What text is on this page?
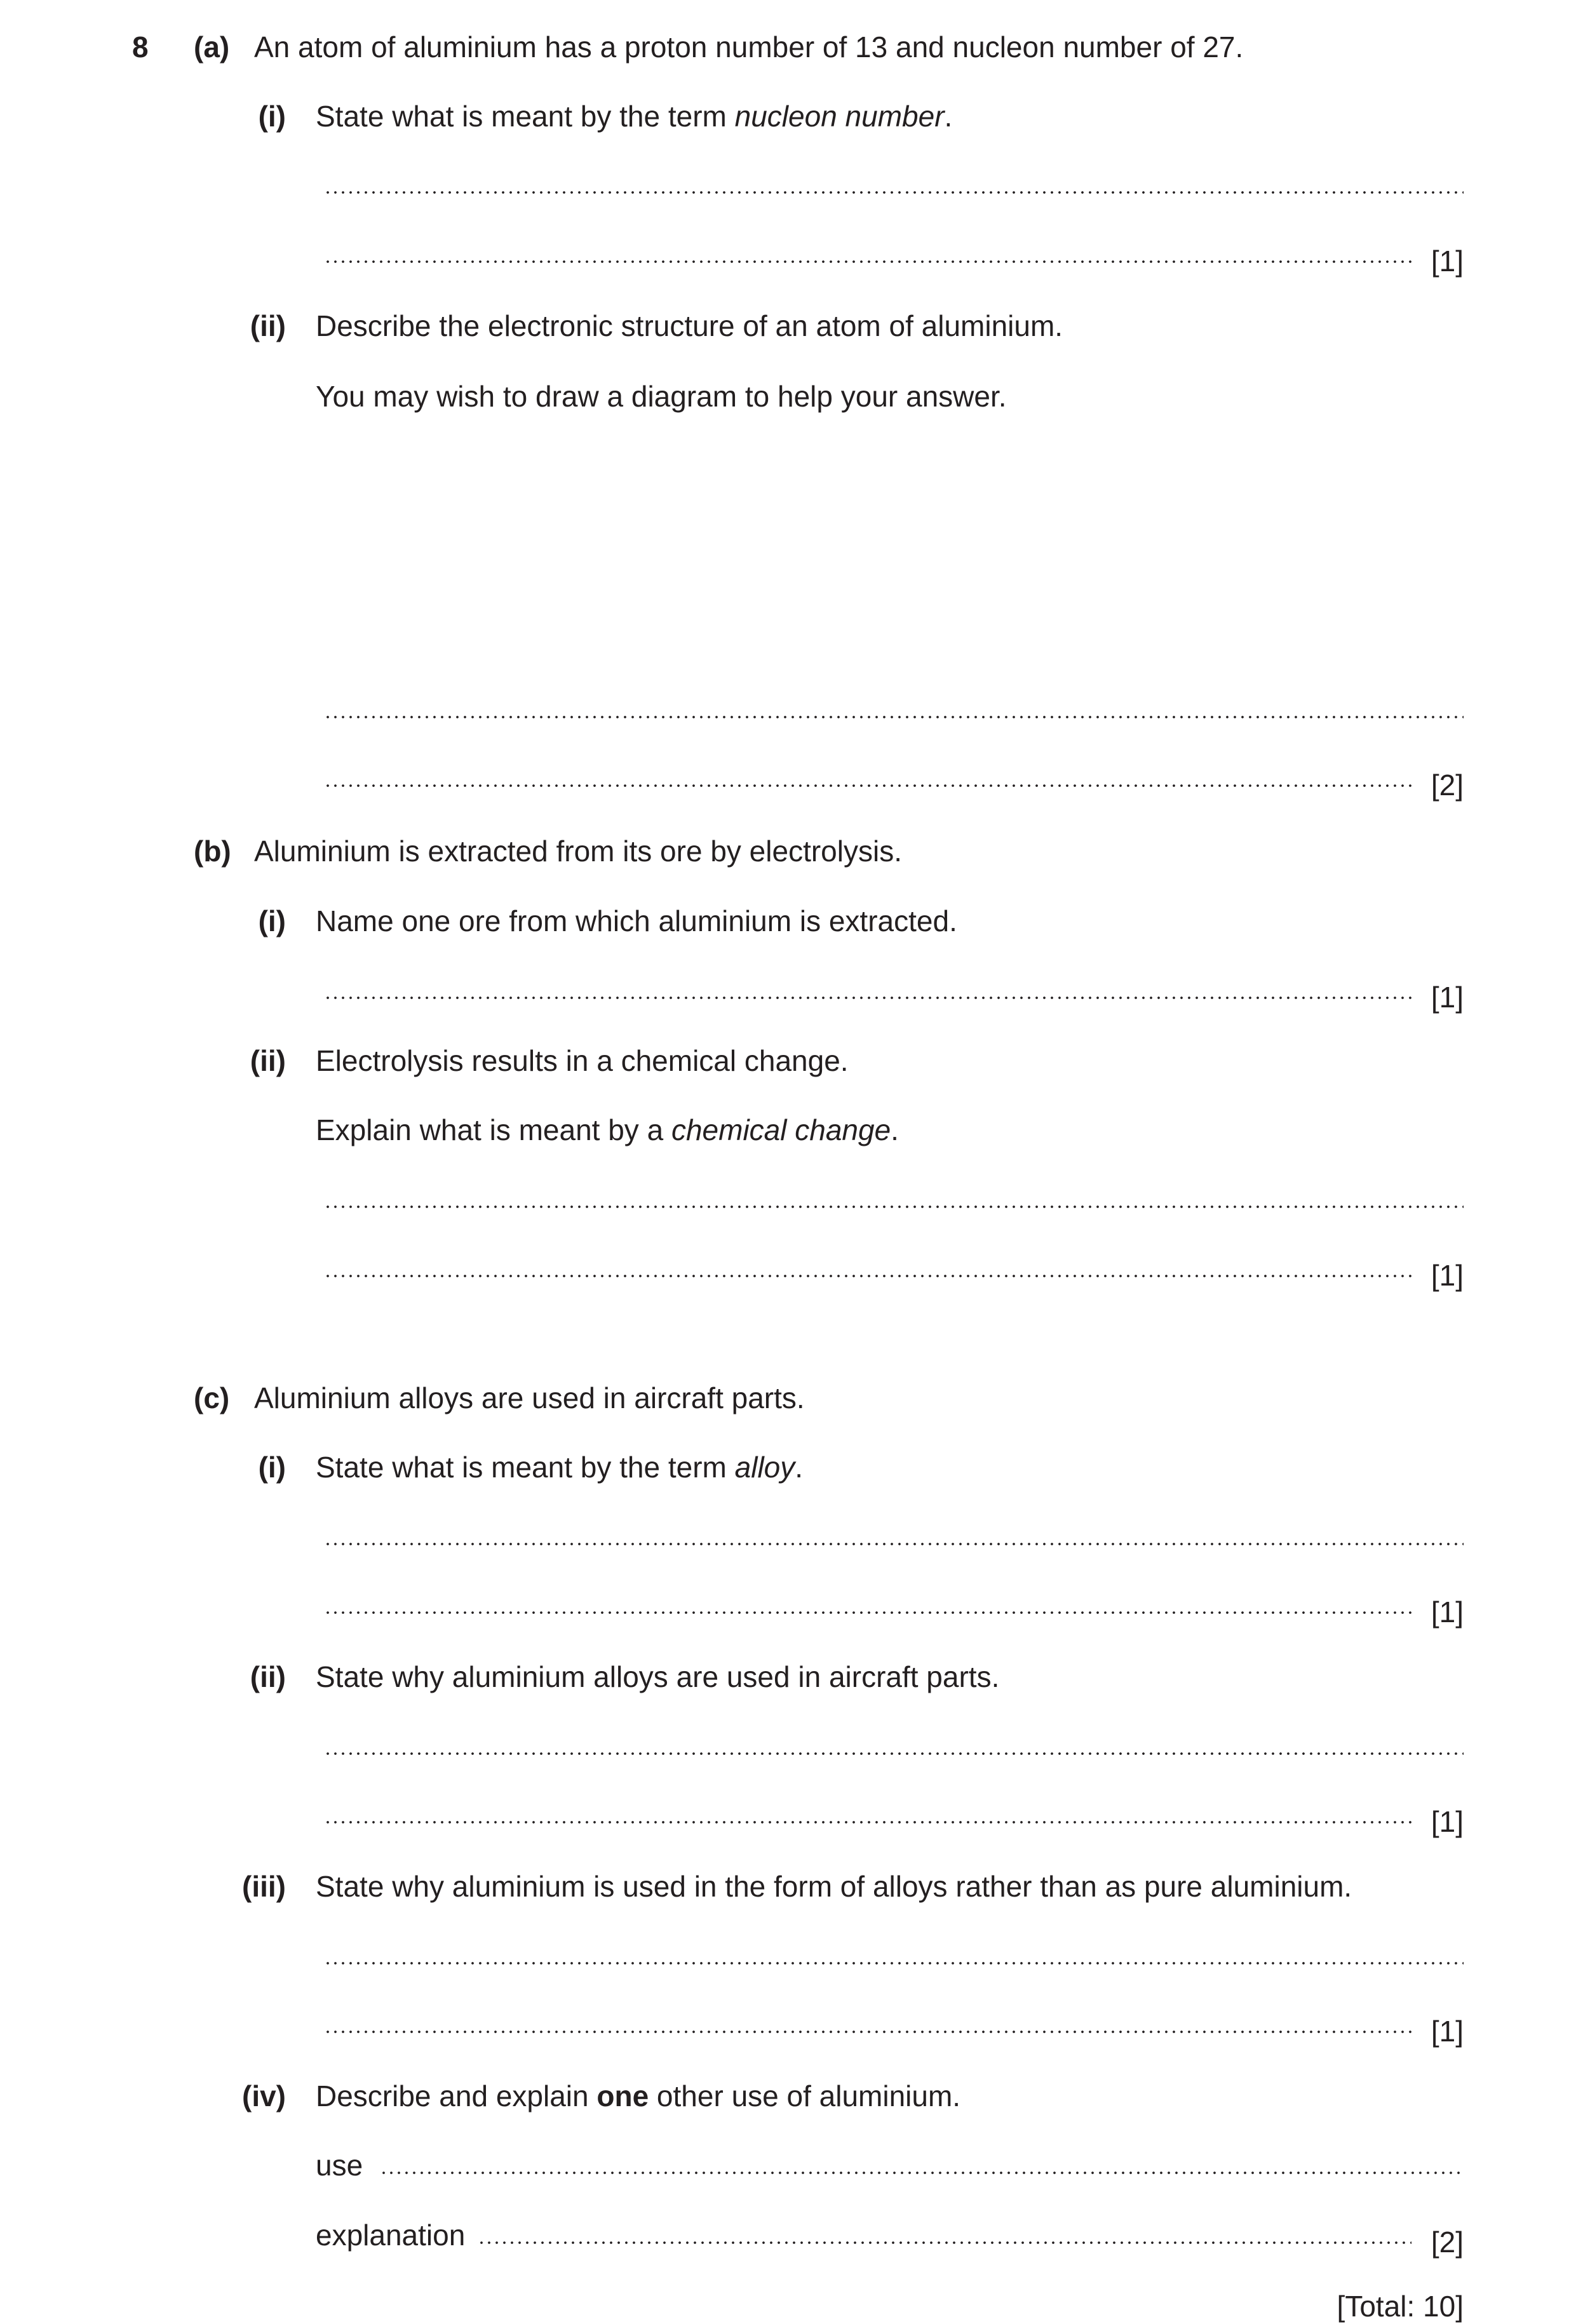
8 (a) An atom of aluminium has a proton number of 13 and nucleon number of 27.
(i) State what is meant by the term nucleon number.
[1]
(ii) Describe the electronic structure of an atom of aluminium.
You may wish to draw a diagram to help your answer.
[2]
(b) Aluminium is extracted from its ore by electrolysis.
(i) Name one ore from which aluminium is extracted.
[1]
(ii) Electrolysis results in a chemical change.
Explain what is meant by a chemical change.
[1]
(c) Aluminium alloys are used in aircraft parts.
(i) State what is meant by the term alloy.
[1]
(ii) State why aluminium alloys are used in aircraft parts.
[1]
(iii) State why aluminium is used in the form of alloys rather than as pure aluminium.
[1]
(iv) Describe and explain one other use of aluminium.
use
explanation	[2]
[Total: 10]
